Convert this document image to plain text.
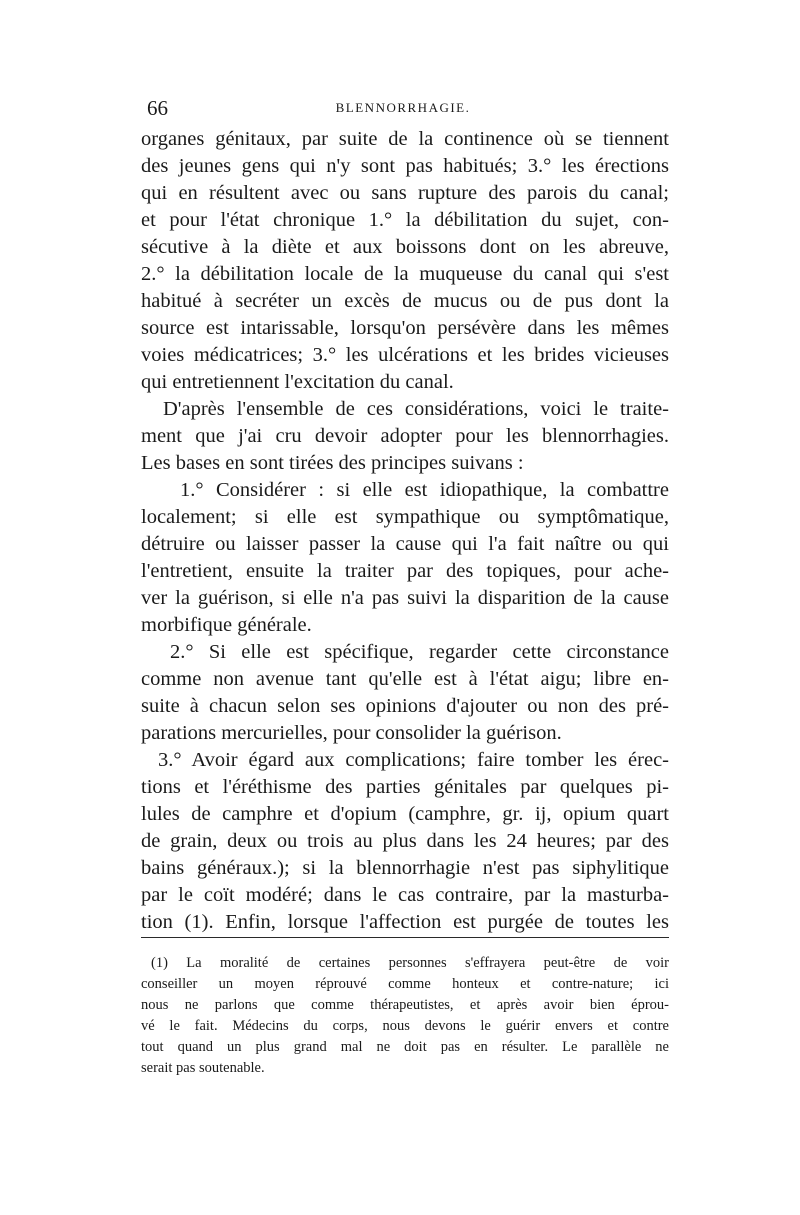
66	BLENNORRHAGIE.
organes génitaux, par suite de la continence où se tiennent
des jeunes gens qui n'y sont pas habitués; 3.° les érections
qui en résultent avec ou sans rupture des parois du canal;
et pour l'état chronique 1.° la débilitation du sujet, con-
sécutive à la diète et aux boissons dont on les abreuve,
2.° la débilitation locale de la muqueuse du canal qui s'est
habitué à secréter un excès de mucus ou de pus dont la
source est intarissable, lorsqu'on persévère dans les mêmes
voies médicatrices; 3.° les ulcérations et les brides vicieuses
qui entretiennent l'excitation du canal.
D'après l'ensemble de ces considérations, voici le traite-
ment que j'ai cru devoir adopter pour les blennorrhagies.
Les bases en sont tirées des principes suivans :
1.° Considérer : si elle est idiopathique, la combattre
localement; si elle est sympathique ou symptômatique,
détruire ou laisser passer la cause qui l'a fait naître ou qui
l'entretient, ensuite la traiter par des topiques, pour ache-
ver la guérison, si elle n'a pas suivi la disparition de la cause
morbifique générale.
2.° Si elle est spécifique, regarder cette circonstance
comme non avenue tant qu'elle est à l'état aigu; libre en-
suite à chacun selon ses opinions d'ajouter ou non des pré-
parations mercurielles, pour consolider la guérison.
3.° Avoir égard aux complications; faire tomber les érec-
tions et l'éréthisme des parties génitales par quelques pi-
lules de camphre et d'opium (camphre, gr. ij, opium quart
de grain, deux ou trois au plus dans les 24 heures; par des
bains généraux.); si la blennorrhagie n'est pas siphylitique
par le coït modéré; dans le cas contraire, par la masturba-
tion (1). Enfin, lorsque l'affection est purgée de toutes les
(1) La moralité de certaines personnes s'effrayera peut-être de voir
conseiller un moyen réprouvé comme honteux et contre-nature; ici
nous ne parlons que comme thérapeutistes, et après avoir bien éprou-
vé le fait. Médecins du corps, nous devons le guérir envers et contre
tout quand un plus grand mal ne doit pas en résulter. Le parallèle ne
serait pas soutenable.
